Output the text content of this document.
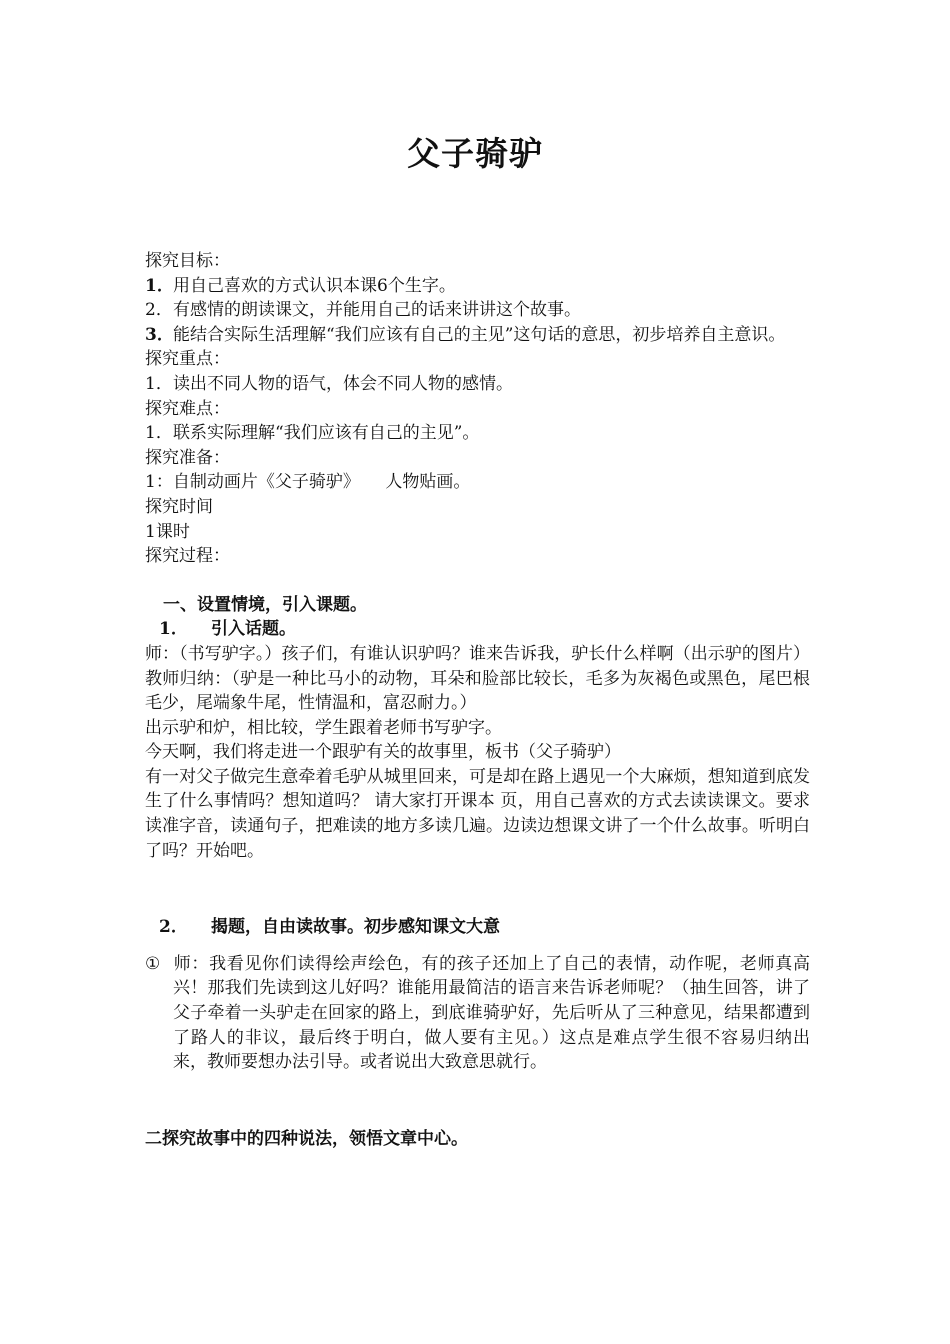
父子骑驴
探究目标：
1．用自己喜欢的方式认识本课6个生字。
2．有感情的朗读课文，并能用自己的话来讲讲这个故事。
3．能结合实际生活理解“我们应该有自己的主见”这句话的意思，初步培养自主意识。
探究重点：
1．读出不同人物的语气，体会不同人物的感情。
探究难点：
1．联系实际理解“我们应该有自己的主见”。
探究准备：
1：自制动画片《父子骑驴》　　人物贴画。
探究时间
1课时
探究过程：
一、设置情境，引入课题。
1． 引入话题。
师：（书写驴字。）孩子们，有谁认识驴吗？谁来告诉我，驴长什么样啊（出示驴的图片）教师归纳：（驴是一种比马小的动物，耳朵和脸部比较长，毛多为灰褐色或黑色，尾巴根毛少，尾端象牛尾，性情温和，富忍耐力。）
出示驴和炉，相比较，学生跟着老师书写驴字。
今天啊，我们将走进一个跟驴有关的故事里，板书（父子骑驴）
有一对父子做完生意牵着毛驴从城里回来，可是却在路上遇见一个大麻烦，想知道到底发生了什么事情吗？想知道吗？ 请大家打开课本 页，用自己喜欢的方式去读读课文。要求读准字音，读通句子，把难读的地方多读几遍。边读边想课文讲了一个什么故事。听明白了吗？开始吧。
2． 揭题，自由读故事。初步感知课文大意
① 师：我看见你们读得绘声绘色，有的孩子还加上了自己的表情，动作呢，老师真高兴！那我们先读到这儿好吗？谁能用最简洁的语言来告诉老师呢？（抽生回答，讲了父子牵着一头驴走在回家的路上，到底谁骑驴好，先后听从了三种意见，结果都遭到了路人的非议，最后终于明白，做人要有主见。）这点是难点学生很不容易归纳出来，教师要想办法引导。或者说出大致意思就行。
二探究故事中的四种说法，领悟文章中心。
